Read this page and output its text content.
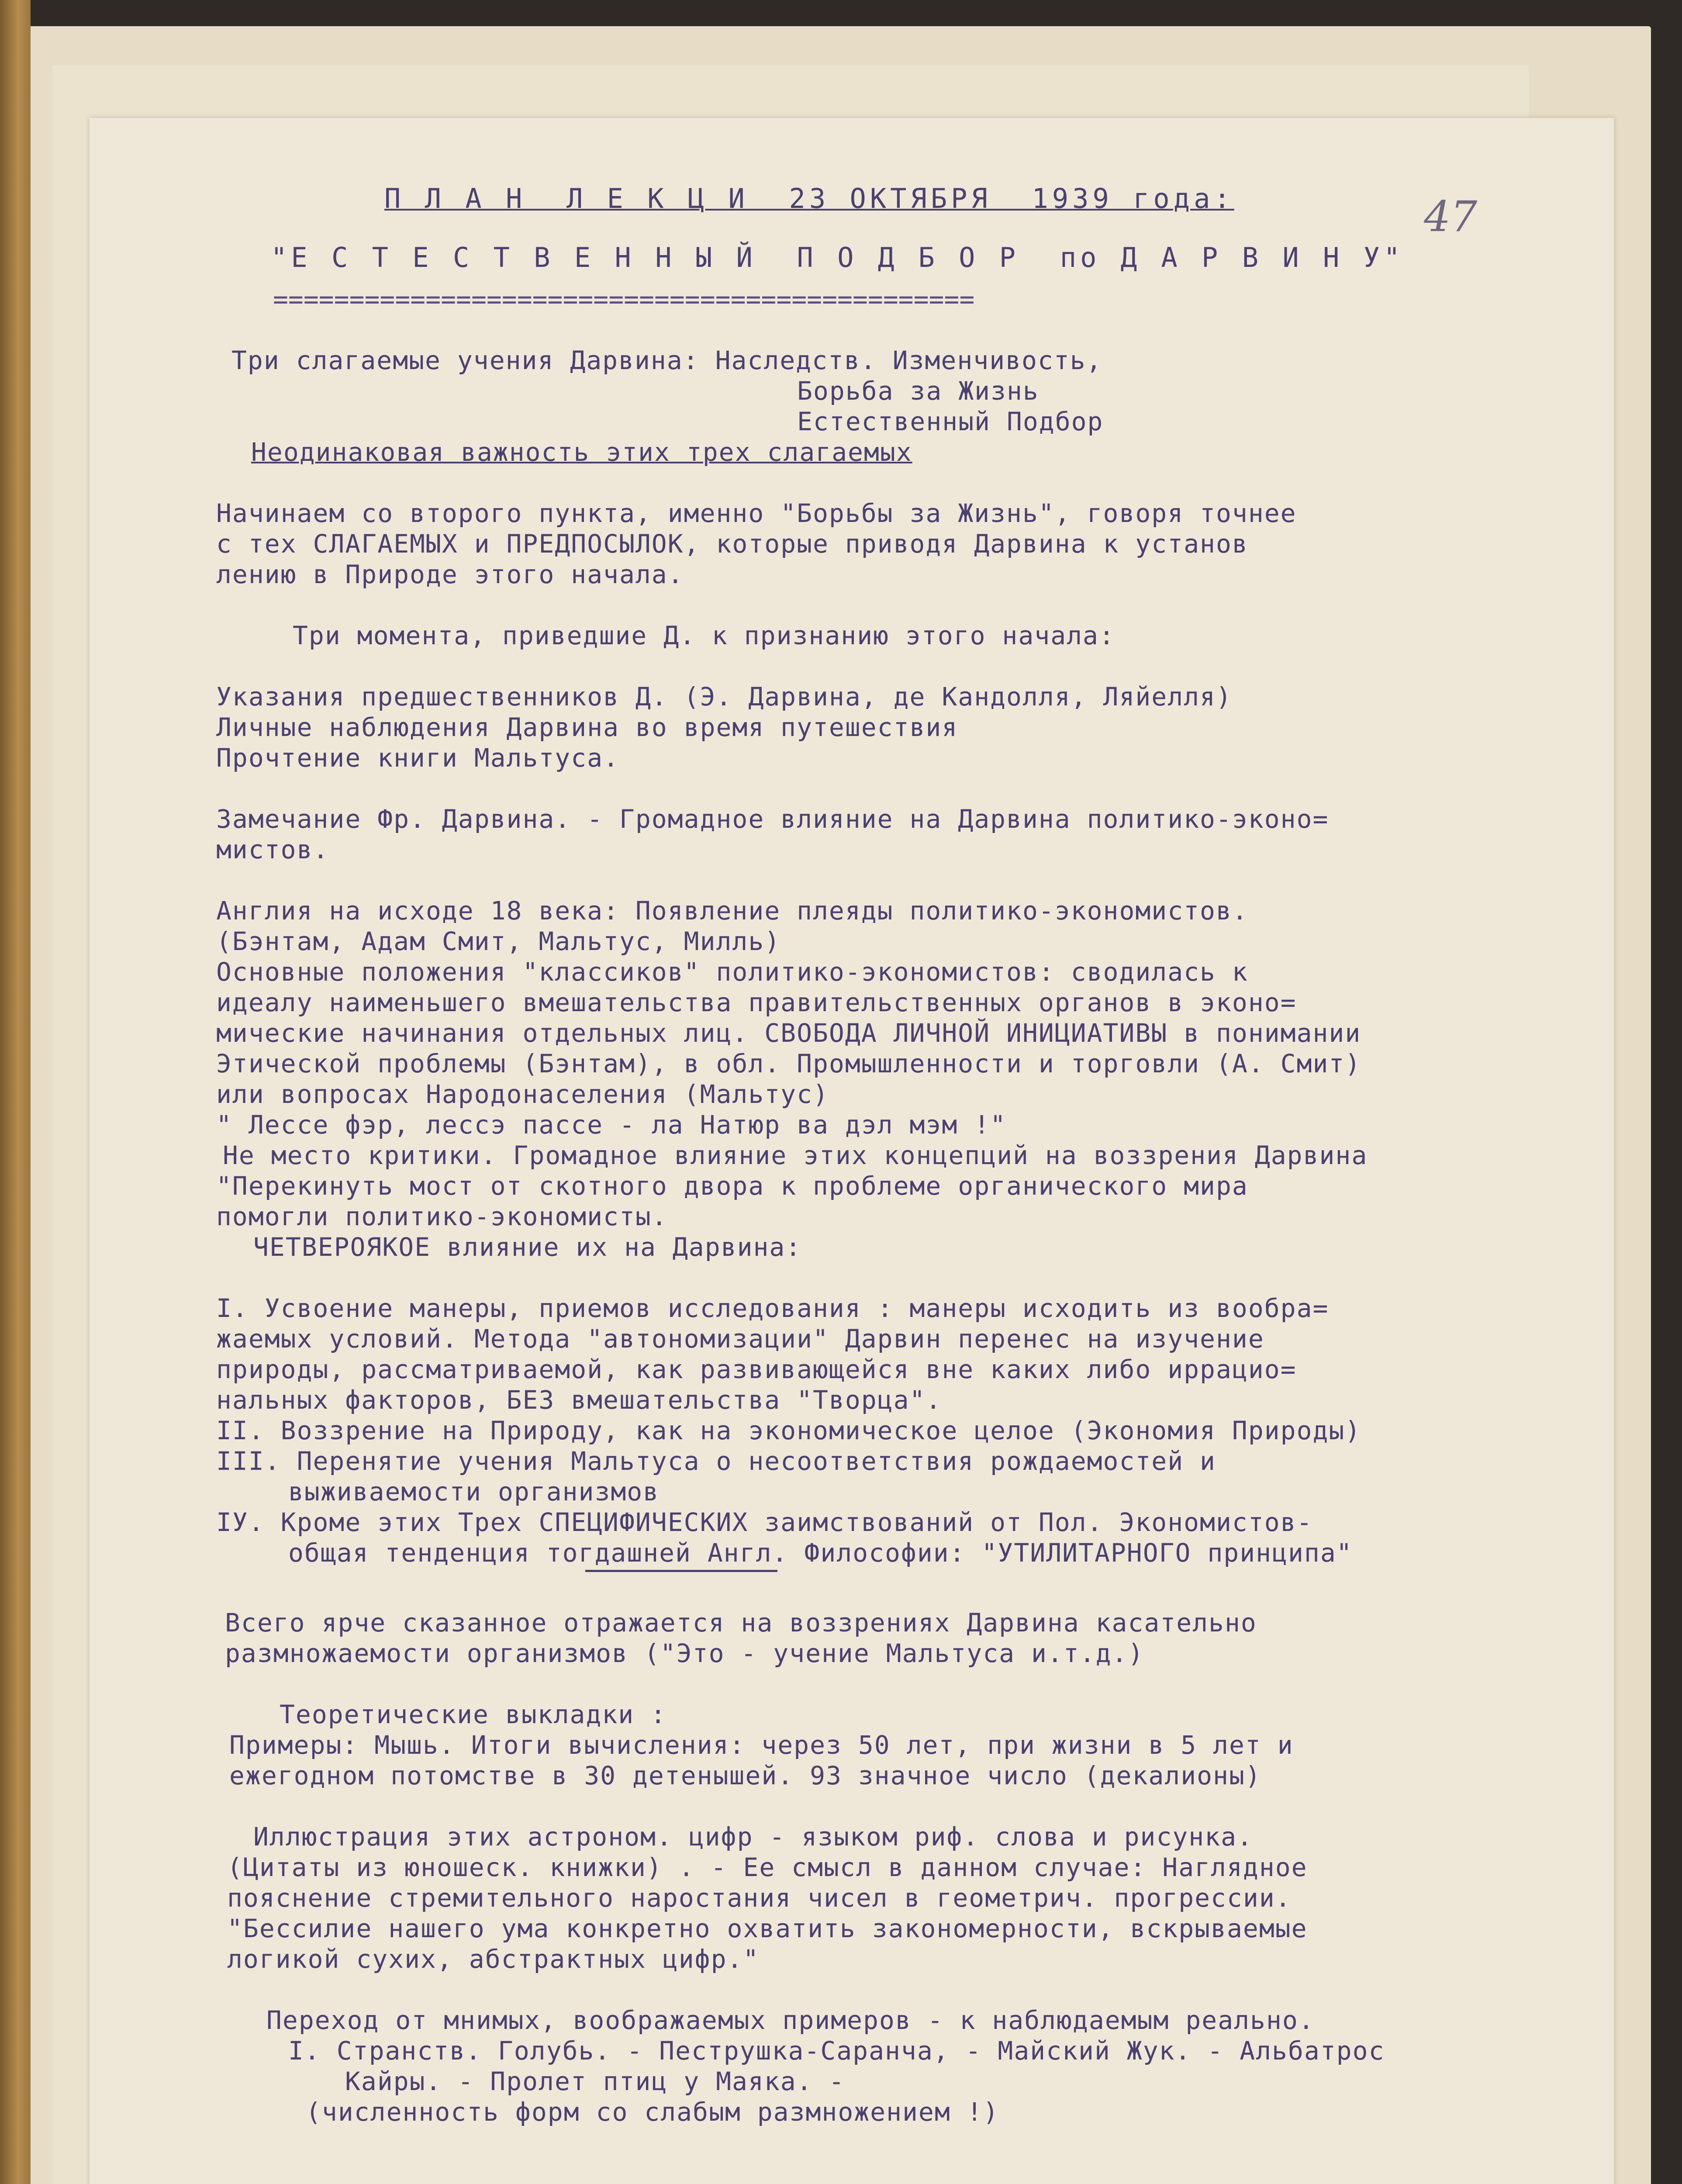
47
П Л А Н  Л Е К Ц И  23 ОКТЯБРЯ  1939 года:
"Е С Т Е С Т В Е Н Н Ы Й  П О Д Б О Р  по Д А Р В И Н У"
==============================================
Три слагаемые учения Дарвина: Наследств. Изменчивость,
Борьба за Жизнь
Естественный Подбор
Неодинаковая важность этих трех слагаемых
Начинаем со второго пункта, именно "Борьбы за Жизнь", говоря точнее
с тех СЛАГАЕМЫХ и ПРЕДПОСЫЛОК, которые приводя Дарвина к установ
лению в Природе этого начала.
Три момента, приведшие Д. к признанию этого начала:
Указания предшественников Д. (Э. Дарвина, де Кандолля, Ляйелля)
Личные наблюдения Дарвина во время путешествия
Прочтение книги Мальтуса.
Замечание Фр. Дарвина. - Громадное влияние на Дарвина политико-эконо=
мистов.
Англия на исходе 18 века: Появление плеяды политико-экономистов.
(Бэнтам, Адам Смит, Мальтус, Милль)
Основные положения "классиков" политико-экономистов: сводилась к
идеалу наименьшего вмешательства правительственных органов в эконо=
мические начинания отдельных лиц. СВОБОДА ЛИЧНОЙ ИНИЦИАТИВЫ в понимании
Этической проблемы (Бэнтам), в обл. Промышленности и торговли (А. Смит)
или вопросах Народонаселения (Мальтус)
" Лессе фэр, лессэ пассе - ла Натюр ва дэл мэм !"
Не место критики. Громадное влияние этих концепций на воззрения Дарвина
"Перекинуть мост от скотного двора к проблеме органического мира
помогли политико-экономисты.
ЧЕТВЕРОЯКОЕ влияние их на Дарвина:
I. Усвоение манеры, приемов исследования : манеры исходить из вообра=
жаемых условий. Метода "автономизации" Дарвин перенес на изучение
природы, рассматриваемой, как развивающейся вне каких либо иррацио=
нальных факторов, БЕЗ вмешательства "Творца".
II. Воззрение на Природу, как на экономическое целое (Экономия Природы)
III. Перенятие учения Мальтуса о несоответствия рождаемостей и
выживаемости организмов
IУ. Кроме этих Трех СПЕЦИФИЧЕСКИХ заимствований от Пол. Экономистов-
общая тенденция тогдашней Англ. Философии: "УТИЛИТАРНОГО принципа"
Всего ярче сказанное отражается на воззрениях Дарвина касательно
размножаемости организмов ("Это - учение Мальтуса и.т.д.)
Теоретические выкладки :
Примеры: Мышь. Итоги вычисления: через 50 лет, при жизни в 5 лет и
ежегодном потомстве в 30 детенышей. 93 значное число (декалионы)
Иллюстрация этих астроном. цифр - языком риф. слова и рисунка.
(Цитаты из юношеск. книжки) . - Ее смысл в данном случае: Наглядное
пояснение стремительного наростания чисел в геометрич. прогрессии.
"Бессилие нашего ума конкретно охватить закономерности, вскрываемые
логикой сухих, абстрактных цифр."
Переход от мнимых, воображаемых примеров - к наблюдаемым реально.
I. Странств. Голубь. - Пеструшка-Саранча, - Майский Жук. - Альбатрос
Кайры. - Пролет птиц у Маяка. -
(численность форм со слабым размножением !)
